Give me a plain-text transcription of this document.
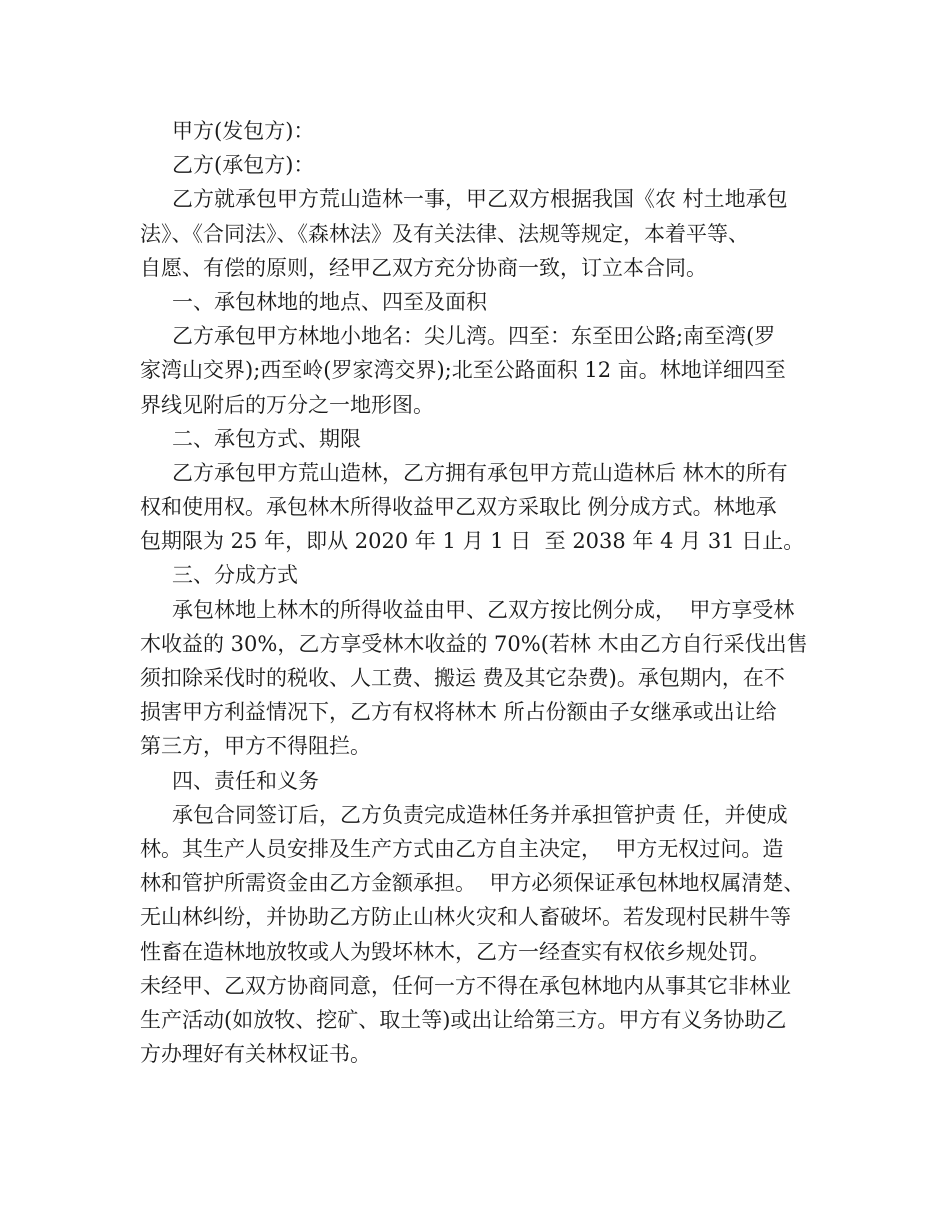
甲方(发包方)：
乙方(承包方)：
乙方就承包甲方荒山造林一事，甲乙双方根据我国《农 村土地承包
法》、《合同法》、《森林法》及有关法律、法规等规定，本着平等、
自愿、有偿的原则，经甲乙双方充分协商一致，订立本合同。
一、承包林地的地点、四至及面积
乙方承包甲方林地小地名：尖儿湾。四至：东至田公路;南至湾(罗
家湾山交界);西至岭(罗家湾交界);北至公路面积 12 亩。林地详细四至
界线见附后的万分之一地形图。
二、承包方式、期限
乙方承包甲方荒山造林，乙方拥有承包甲方荒山造林后 林木的所有
权和使用权。承包林木所得收益甲乙双方采取比 例分成方式。林地承
包期限为 25 年，即从 2020 年 1 月 1 日  至 2038 年 4 月 31 日止。
三、分成方式
承包林地上林木的所得收益由甲、乙双方按比例分成，  甲方享受林
木收益的 30%，乙方享受林木收益的 70%(若林 木由乙方自行采伐出售
须扣除采伐时的税收、人工费、搬运 费及其它杂费)。承包期内，在不
损害甲方利益情况下，乙方有权将林木 所占份额由子女继承或出让给
第三方，甲方不得阻拦。
四、责任和义务
承包合同签订后，乙方负责完成造林任务并承担管护责 任，并使成
林。其生产人员安排及生产方式由乙方自主决定，  甲方无权过问。造
林和管护所需资金由乙方金额承担。  甲方必须保证承包林地权属清楚、
无山林纠纷，并协助乙方防止山林火灾和人畜破坏。若发现村民耕牛等
性畜在造林地放牧或人为毁坏林木，乙方一经查实有权依乡规处罚。
未经甲、乙双方协商同意，任何一方不得在承包林地内从事其它非林业
生产活动(如放牧、挖矿、取土等)或出让给第三方。甲方有义务协助乙
方办理好有关林权证书。
